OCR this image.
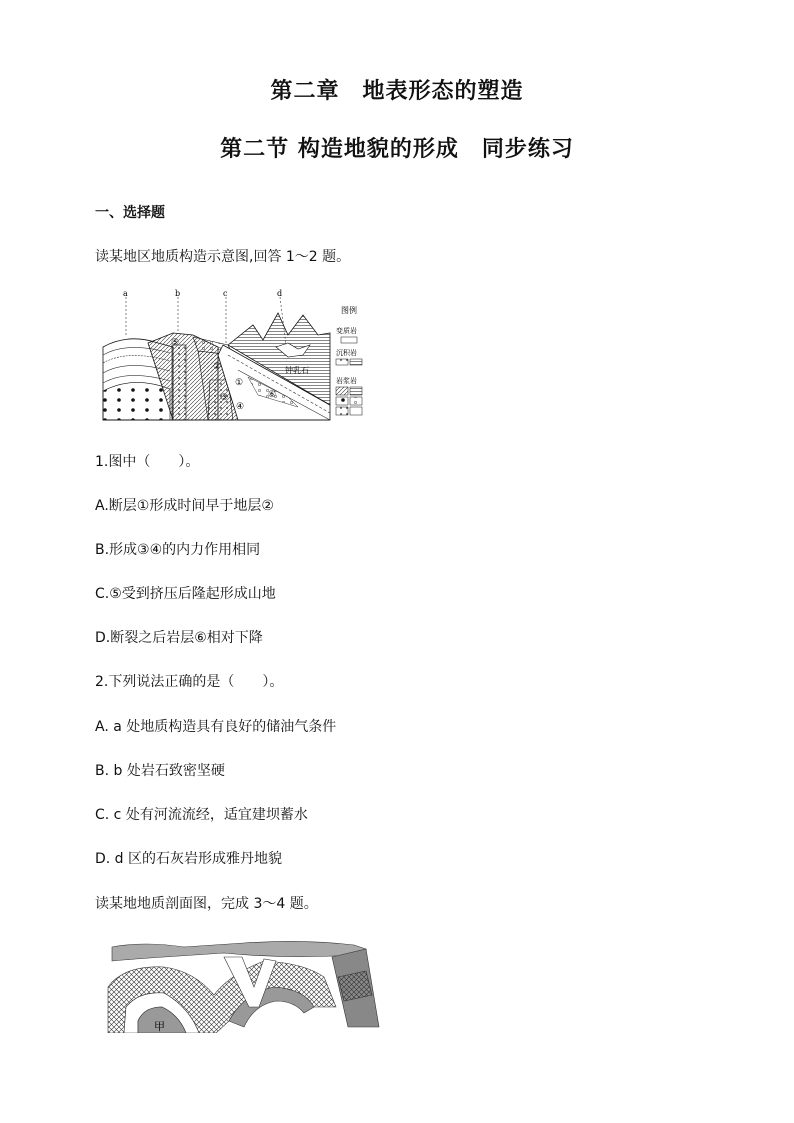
第二章　地表形态的塑造
第二节 构造地貌的形成　同步练习
一、选择题
读某地区地质构造示意图,回答 1～2 题。
a	b	c	d
⑤
②
①
③
④
⑥
钟乳石
图例
变质岩
沉积岩
岩浆岩
1.图中（　　）。
A.断层①形成时间早于地层②
B.形成③④的内力作用相同
C.⑤受到挤压后隆起形成山地
D.断裂之后岩层⑥相对下降
2.下列说法正确的是（　　）。
A. a 处地质构造具有良好的储油气条件
B. b 处岩石致密坚硬
C. c 处有河流流经，适宜建坝蓄水
D. d 区的石灰岩形成雅丹地貌
读某地地质剖面图，完成 3～4 题。
甲
